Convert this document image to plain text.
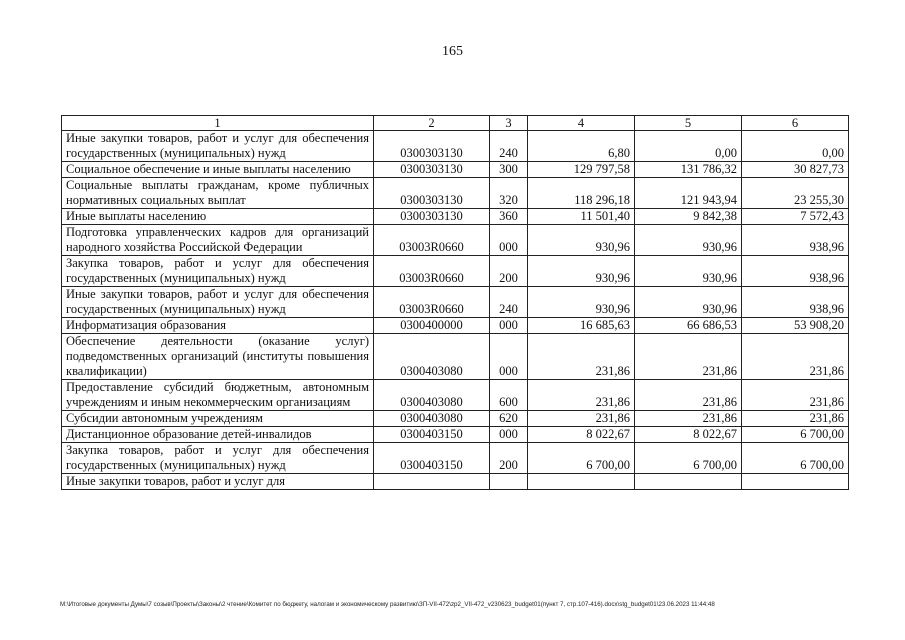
165
1	2	3	4	5	6
Иные закупки товаров, работ и услуг для обеспечения государственных (муниципальных) нужд	0300303130	240	6,80	0,00	0,00
Социальное обеспечение и иные выплаты населению	0300303130	300	129 797,58	131 786,32	30 827,73
Социальные выплаты гражданам, кроме публичных нормативных социальных выплат	0300303130	320	118 296,18	121 943,94	23 255,30
Иные выплаты населению	0300303130	360	11 501,40	9 842,38	7 572,43
Подготовка управленческих кадров для организаций народного хозяйства Российской Федерации	03003R0660	000	930,96	930,96	938,96
Закупка товаров, работ и услуг для обеспечения государственных (муниципальных) нужд	03003R0660	200	930,96	930,96	938,96
Иные закупки товаров, работ и услуг для обеспечения государственных (муниципальных) нужд	03003R0660	240	930,96	930,96	938,96
Информатизация образования	0300400000	000	16 685,63	66 686,53	53 908,20
Обеспечение деятельности (оказание услуг) подведомственных организаций (институты повышения квалификации)	0300403080	000	231,86	231,86	231,86
Предоставление субсидий бюджетным, автономным учреждениям и иным некоммерческим организациям	0300403080	600	231,86	231,86	231,86
Субсидии автономным учреждениям	0300403080	620	231,86	231,86	231,86
Дистанционное образование детей-инвалидов	0300403150	000	8 022,67	8 022,67	6 700,00
Закупка товаров, работ и услуг для обеспечения государственных (муниципальных) нужд	0300403150	200	6 700,00	6 700,00	6 700,00
Иные закупки товаров, работ и услуг для					
M:\Итоговые документы Думы\7 созыв\Проекты\Законы\2 чтение\Комитет по бюджету, налогам и экономическому развитию\ЗП-VII-472\zp2_VII-472_v230623_budget01(пункт 7, стр.107-416).docx\stg_budget01\23.06.2023 11:44:48
